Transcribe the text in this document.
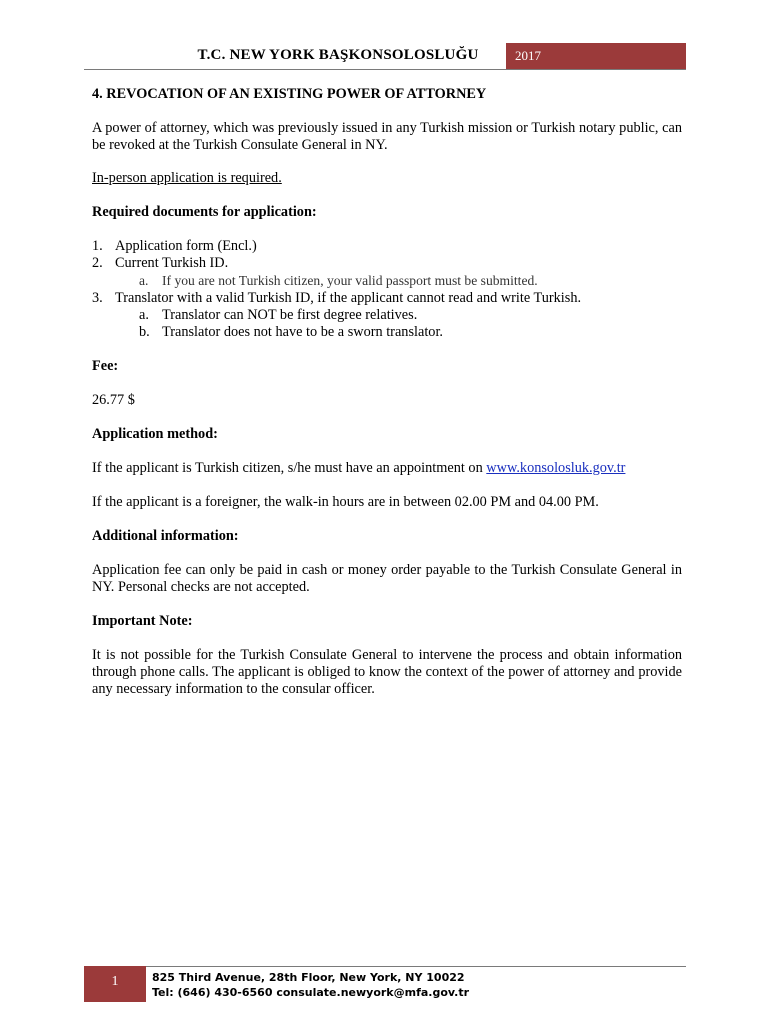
T.C. NEW YORK BAŞKONSOLOSLUĞU	2017

4. REVOCATION OF AN EXISTING POWER OF ATTORNEY

A power of attorney, which was previously issued in any Turkish mission or Turkish notary public, can be revoked at the Turkish Consulate General in NY.

In-person application is required.

Required documents for application:

1. Application form (Encl.)
2. Current Turkish ID.
a. If you are not Turkish citizen, your valid passport must be submitted.
3. Translator with a valid Turkish ID, if the applicant cannot read and write Turkish.
a. Translator can NOT be first degree relatives.
b. Translator does not have to be a sworn translator.

Fee:

26.77 $

Application method:

If the applicant is Turkish citizen, s/he must have an appointment on www.konsolosluk.gov.tr

If the applicant is a foreigner, the walk-in hours are in between 02.00 PM and 04.00 PM.

Additional information:

Application fee can only be paid in cash or money order payable to the Turkish Consulate General in NY. Personal checks are not accepted.

Important Note:

It is not possible for the Turkish Consulate General to intervene the process and obtain information through phone calls. The applicant is obliged to know the context of the power of attorney and provide any necessary information to the consular officer.

1	825 Third Avenue, 28th Floor, New York, NY 10022
Tel: (646) 430-6560 consulate.newyork@mfa.gov.tr
